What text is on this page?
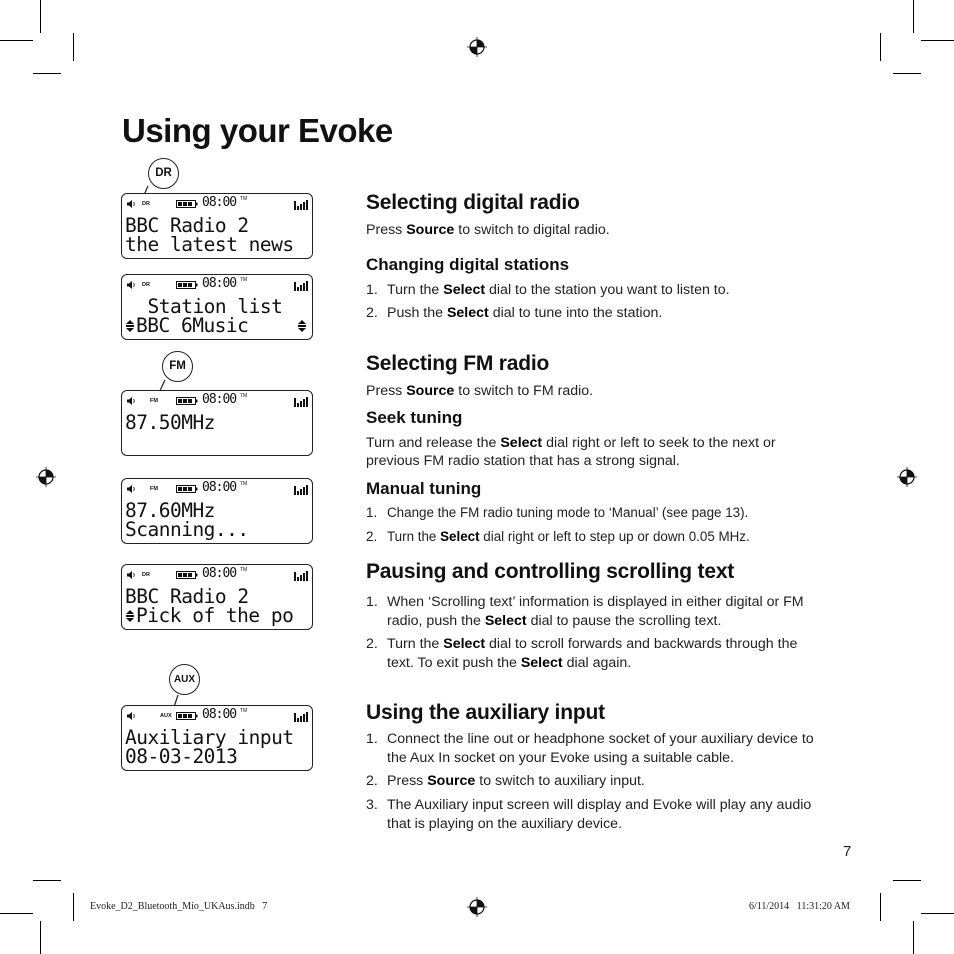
Using your Evoke
DR
FM
AUX
DR	08:00 TM
BBC Radio 2
the latest news
DR	08:00 TM
Station list
BBC 6Music
FM	08:00 TM
87.50MHz
FM	08:00 TM
87.60MHz
Scanning...
DR	08:00 TM
BBC Radio 2
Pick of the po
AUX 08:00 TM
Auxiliary input
08-03-2013
Selecting digital radio
Press Source to switch to digital radio.
Changing digital stations
1. Turn the Select dial to the station you want to listen to.
2. Push the Select dial to tune into the station.
Selecting FM radio
Press Source to switch to FM radio.
Seek tuning
Turn and release the Select dial right or left to seek to the next or
previous FM radio station that has a strong signal.
Manual tuning
1. Change the FM radio tuning mode to ‘Manual’ (see page 13).
2. Turn the Select dial right or left to step up or down 0.05 MHz.
Pausing and controlling scrolling text
1. When ‘Scrolling text’ information is displayed in either digital or FM
radio, push the Select dial to pause the scrolling text.
2. Turn the Select dial to scroll forwards and backwards through the
text. To exit push the Select dial again.
Using the auxiliary input
1. Connect the line out or headphone socket of your auxiliary device to
the Aux In socket on your Evoke using a suitable cable.
2. Press Source to switch to auxiliary input.
3. The Auxiliary input screen will display and Evoke will play any audio
that is playing on the auxiliary device.
7
Evoke_D2_Bluetooth_Mio_UKAus.indb   7	6/11/2014   11:31:20 AM
